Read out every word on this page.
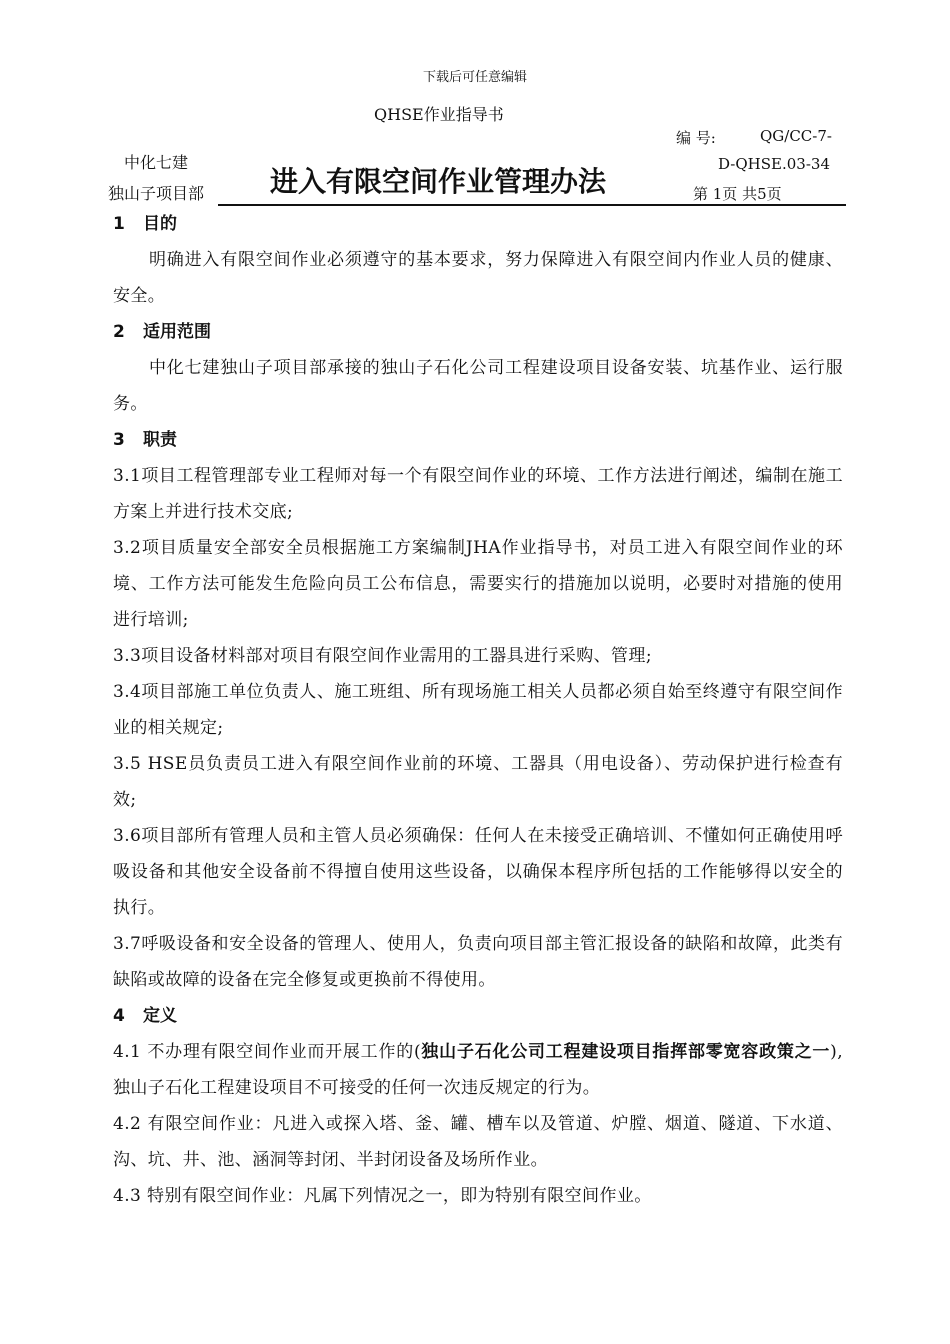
下载后可任意编辑
QHSE作业指导书
中化七建
独山子项目部 进入有限空间作业管理办法
编 号:	QG/CC-7-
D-QHSE.03-34
第 1页 共5页
1 目的
明确进入有限空间作业必须遵守的基本要求，努力保障进入有限空间内作业人员的健康、安全。
2 适用范围
中化七建独山子项目部承接的独山子石化公司工程建设项目设备安装、坑基作业、运行服务。
3 职责
3.1项目工程管理部专业工程师对每一个有限空间作业的环境、工作方法进行阐述，编制在施工方案上并进行技术交底;
3.2项目质量安全部安全员根据施工方案编制JHA作业指导书，对员工进入有限空间作业的环境、工作方法可能发生危险向员工公布信息，需要实行的措施加以说明，必要时对措施的使用进行培训;
3.3项目设备材料部对项目有限空间作业需用的工器具进行采购、管理;
3.4项目部施工单位负责人、施工班组、所有现场施工相关人员都必须自始至终遵守有限空间作业的相关规定;
3.5 HSE员负责员工进入有限空间作业前的环境、工器具（用电设备）、劳动保护进行检查有效;
3.6项目部所有管理人员和主管人员必须确保：任何人在未接受正确培训、不懂如何正确使用呼吸设备和其他安全设备前不得擅自使用这些设备，以确保本程序所包括的工作能够得以安全的执行。
3.7呼吸设备和安全设备的管理人、使用人，负责向项目部主管汇报设备的缺陷和故障，此类有缺陷或故障的设备在完全修复或更换前不得使用。
4 定义
4.1 不办理有限空间作业而开展工作的(独山子石化公司工程建设项目指挥部零宽容政策之一),独山子石化工程建设项目不可接受的任何一次违反规定的行为。
4.2 有限空间作业：凡进入或探入塔、釜、罐、槽车以及管道、炉膛、烟道、隧道、下水道、沟、坑、井、池、涵洞等封闭、半封闭设备及场所作业。
4.3 特别有限空间作业：凡属下列情况之一，即为特别有限空间作业。
